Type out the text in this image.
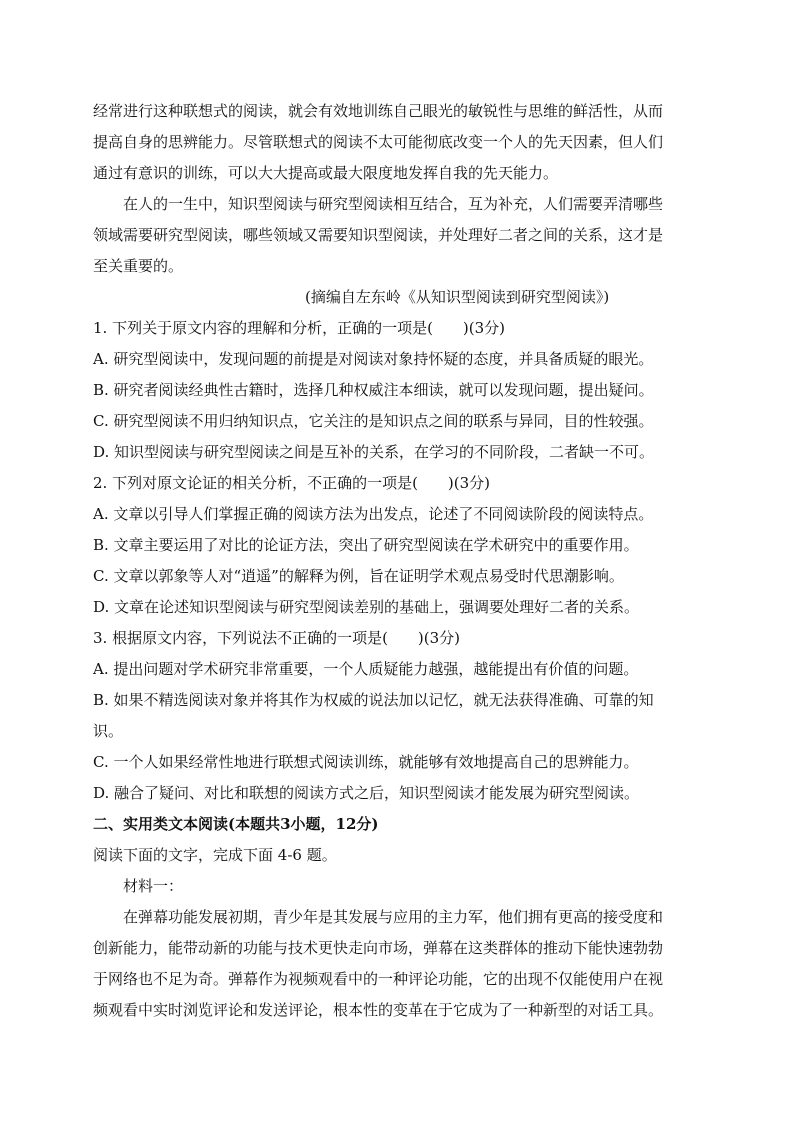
经常进行这种联想式的阅读，就会有效地训练自己眼光的敏锐性与思维的鲜活性，从而

提高自身的思辨能力。尽管联想式的阅读不太可能彻底改变一个人的先天因素，但人们

通过有意识的训练，可以大大提高或最大限度地发挥自我的先天能力。

在人的一生中，知识型阅读与研究型阅读相互结合，互为补充，人们需要弄清哪些

领域需要研究型阅读，哪些领域又需要知识型阅读，并处理好二者之间的关系，这才是

至关重要的。

(摘编自左东岭《从知识型阅读到研究型阅读》)

1. 下列关于原文内容的理解和分析，正确的一项是(　　)(3分)

A. 研究型阅读中，发现问题的前提是对阅读对象持怀疑的态度，并具备质疑的眼光。

B. 研究者阅读经典性古籍时，选择几种权威注本细读，就可以发现问题，提出疑问。

C. 研究型阅读不用归纳知识点，它关注的是知识点之间的联系与异同，目的性较强。

D. 知识型阅读与研究型阅读之间是互补的关系，在学习的不同阶段，二者缺一不可。

2. 下列对原文论证的相关分析，不正确的一项是(　　)(3分)

A. 文章以引导人们掌握正确的阅读方法为出发点，论述了不同阅读阶段的阅读特点。

B. 文章主要运用了对比的论证方法，突出了研究型阅读在学术研究中的重要作用。

C. 文章以郭象等人对“逍遥”的解释为例，旨在证明学术观点易受时代思潮影响。

D. 文章在论述知识型阅读与研究型阅读差别的基础上，强调要处理好二者的关系。

3. 根据原文内容，下列说法不正确的一项是(　　)(3分)

A. 提出问题对学术研究非常重要，一个人质疑能力越强，越能提出有价值的问题。

B. 如果不精选阅读对象并将其作为权威的说法加以记忆，就无法获得准确、可靠的知

识。

C. 一个人如果经常性地进行联想式阅读训练，就能够有效地提高自己的思辨能力。

D. 融合了疑问、对比和联想的阅读方式之后，知识型阅读才能发展为研究型阅读。

二、实用类文本阅读(本题共3小题，12分)

阅读下面的文字，完成下面 4-6 题。

材料一：

在弹幕功能发展初期，青少年是其发展与应用的主力军，他们拥有更高的接受度和

创新能力，能带动新的功能与技术更快走向市场，弹幕在这类群体的推动下能快速勃勃

于网络也不足为奇。弹幕作为视频观看中的一种评论功能，它的出现不仅能使用户在视

频观看中实时浏览评论和发送评论，根本性的变革在于它成为了一种新型的对话工具。
